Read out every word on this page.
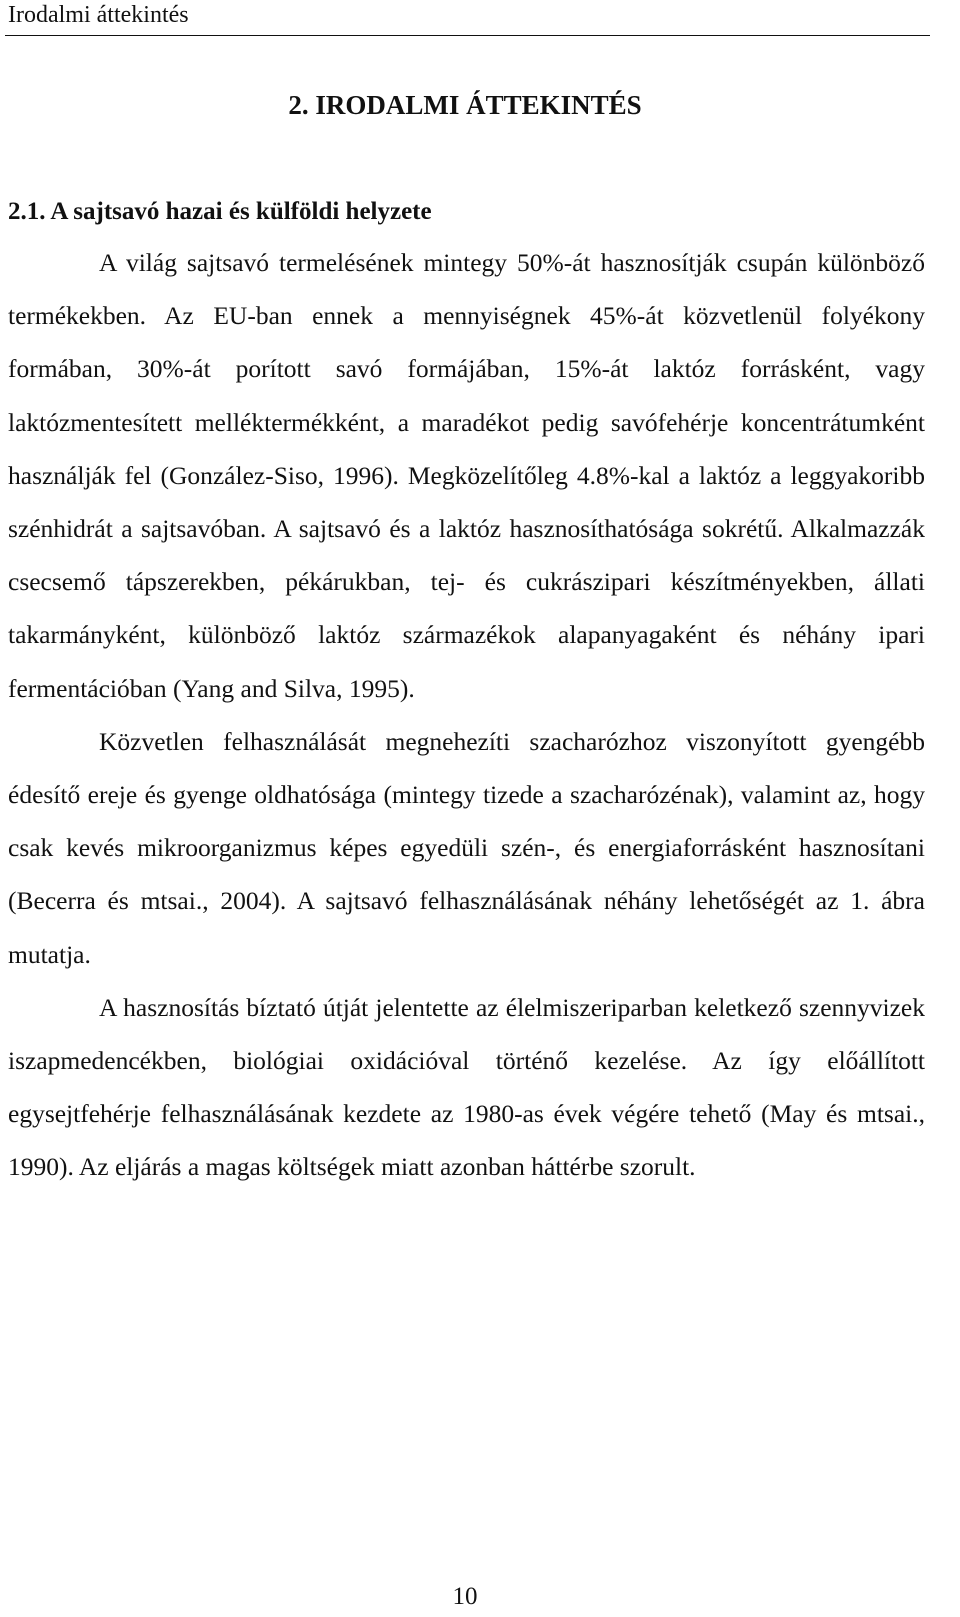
Irodalmi áttekintés
2. IRODALMI ÁTTEKINTÉS
2.1. A sajtsavó hazai és külföldi helyzete

A világ sajtsavó termelésének mintegy 50%-át hasznosítják csupán különböző termékekben. Az EU-ban ennek a mennyiségnek 45%-át közvetlenül folyékony formában, 30%-át porított savó formájában, 15%-át laktóz forrásként, vagy laktózmentesített melléktermékként, a maradékot pedig savófehérje koncentrátumként használják fel (González-Siso, 1996). Megközelítőleg 4.8%-kal a laktóz a leggyakoribb szénhidrát a sajtsavóban. A sajtsavó és a laktóz hasznosíthatósága sokrétű. Alkalmazzák csecsemő tápszerekben, pékárukban, tej- és cukrászipari készítményekben, állati takarmányként, különböző laktóz származékok alapanyagaként és néhány ipari fermentációban (Yang and Silva, 1995).

Közvetlen felhasználását megnehezíti szacharózhoz viszonyított gyengébb édesítő ereje és gyenge oldhatósága (mintegy tizede a szacharózénak), valamint az, hogy csak kevés mikroorganizmus képes egyedüli szén-, és energiaforrásként hasznosítani (Becerra és mtsai., 2004). A sajtsavó felhasználásának néhány lehetőségét az 1. ábra mutatja.

A hasznosítás bíztató útját jelentette az élelmiszeriparban keletkező szennyvizek iszapmedencékben, biológiai oxidációval történő kezelése. Az így előállított egysejtfehérje felhasználásának kezdete az 1980-as évek végére tehető (May és mtsai., 1990). Az eljárás a magas költségek miatt azonban háttérbe szorult.

10
